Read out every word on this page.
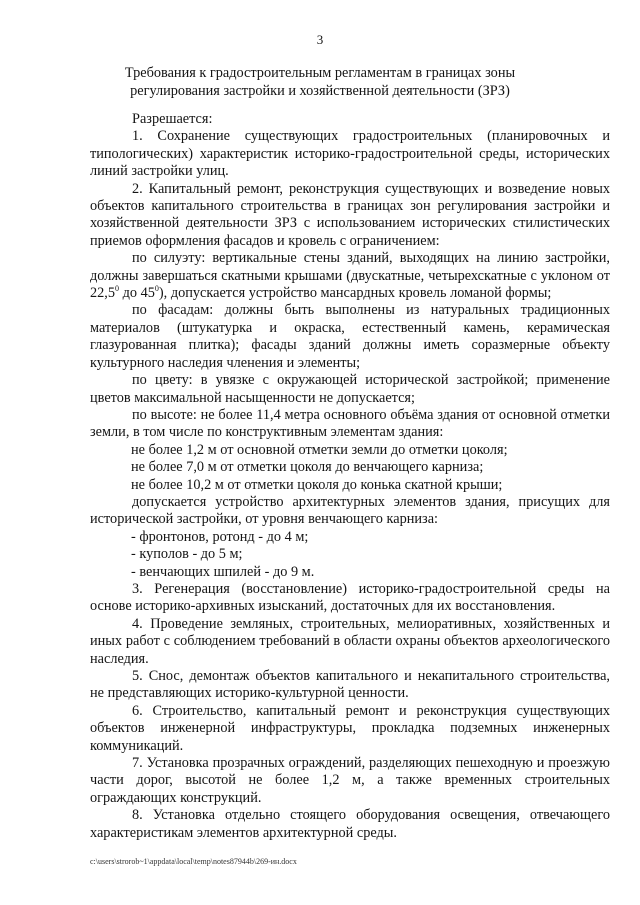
3
Требования к градостроительным регламентам в границах зоны
регулирования застройки и хозяйственной деятельности (ЗРЗ)

Разрешается:

1. Сохранение существующих градостроительных (планировочных и типологических) характеристик историко-градостроительной среды, исторических линий застройки улиц.

2. Капитальный ремонт, реконструкция существующих и возведение новых объектов капитального строительства в границах зон регулирования застройки и хозяйственной деятельности ЗРЗ с использованием исторических стилистических приемов оформления фасадов и кровель с ограничением:

по силуэту: вертикальные стены зданий, выходящих на линию застройки, должны завершаться скатными крышами (двускатные, четырехскатные с уклоном от 22,5$^0$ до $45^0$), допускается устройство мансардных кровель ломаной формы;

по фасадам: должны быть выполнены из натуральных традиционных материалов (штукатурка и окраска, естественный камень, керамическая глазурованная плитка); фасады зданий должны иметь соразмерные объекту культурного наследия членения и элементы;

по цвету: в увязке с окружающей исторической застройкой; применение цветов максимальной насыщенности не допускается;

по высоте: не более 11,4 метра основного объёма здания от основной отметки земли, в том числе по конструктивным элементам здания:

не более 1,2 м от основной отметки земли до отметки цоколя;

не более 7,0 м от отметки цоколя до венчающего карниза;

не более 10,2 м от отметки цоколя до конька скатной крыши;

допускается устройство архитектурных элементов здания, присущих для исторической застройки, от уровня венчающего карниза:

- фронтонов, ротонд - до 4 м;

- куполов - до 5 м;

- венчающих шпилей - до 9 м.

3. Регенерация (восстановление) историко-градостроительной среды на основе историко-архивных изысканий, достаточных для их восстановления.

4. Проведение земляных, строительных, мелиоративных, хозяйственных и иных работ с соблюдением требований в области охраны объектов археологического наследия.

5. Снос, демонтаж объектов капитального и некапитального строительства, не представляющих историко-культурной ценности.

6. Строительство, капитальный ремонт и реконструкция существующих объектов инженерной инфраструктуры, прокладка подземных инженерных коммуникаций.

7. Установка прозрачных ограждений, разделяющих пешеходную и проезжую части дорог, высотой не более 1,2 м, а также временных строительных ограждающих конструкций.

8. Установка отдельно стоящего оборудования освещения, отвечающего характеристикам элементов архитектурной среды.

c:\users\strorob~1\appdata\local\temp\notes87944b\269-ин.docx
